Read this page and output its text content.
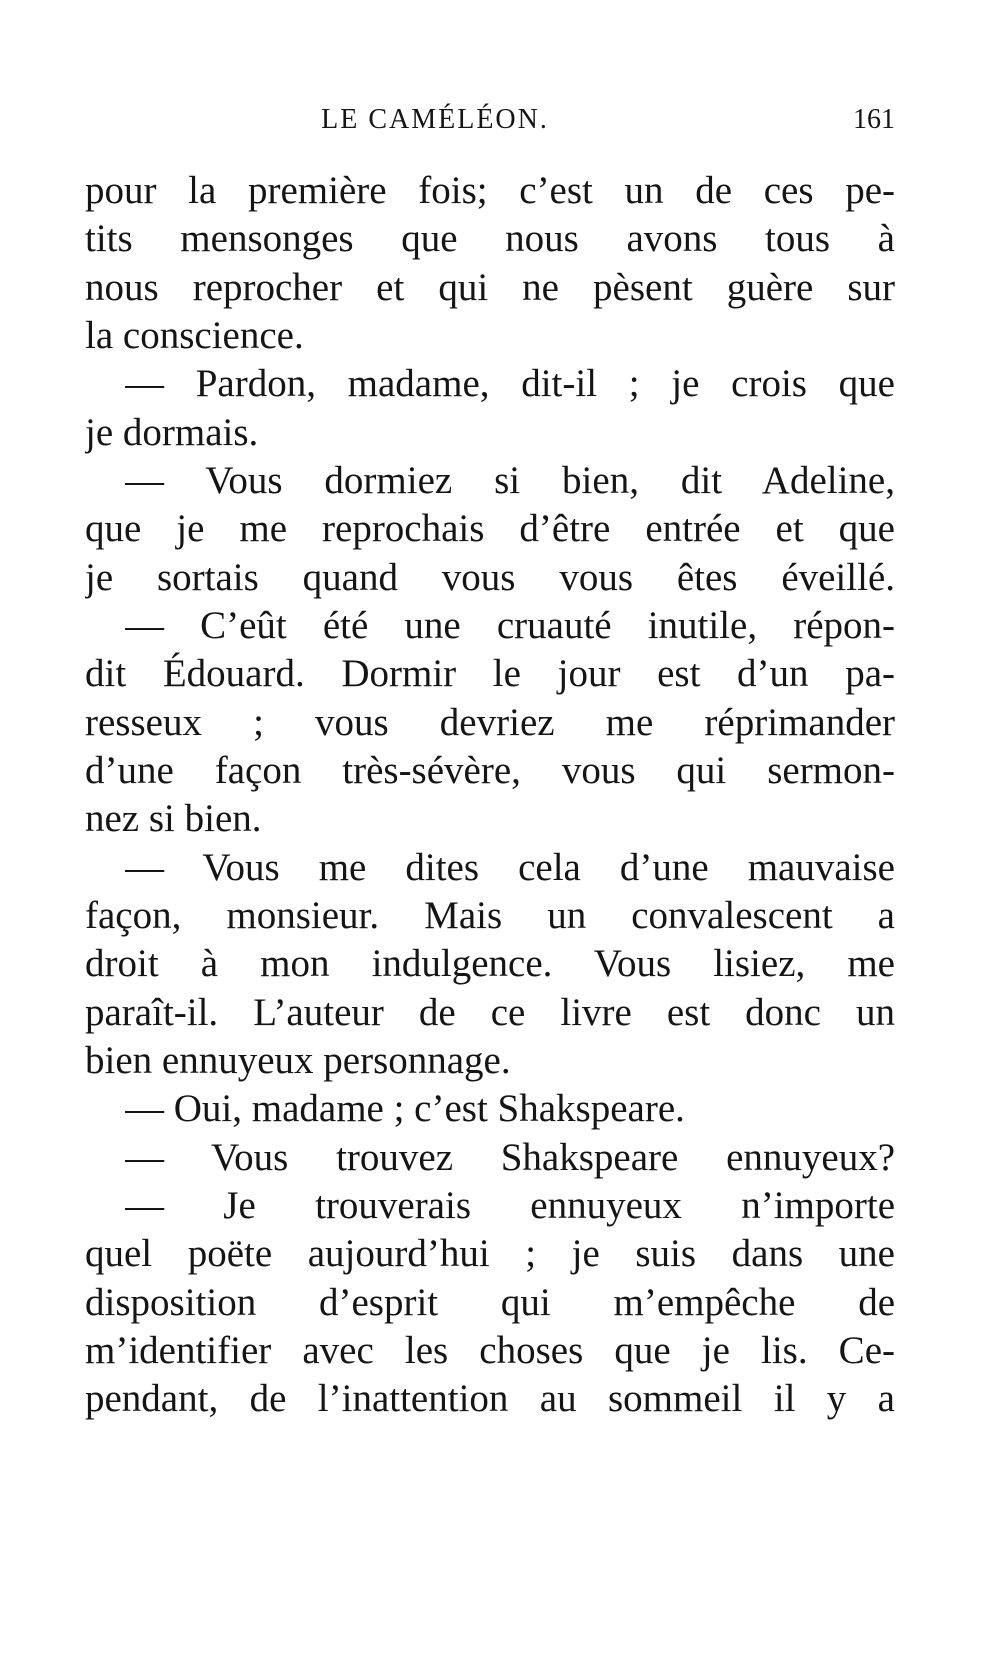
LE CAMÉLÉON.	161
pour la première fois; c’est un de ces pe-
tits mensonges que nous avons tous à
nous reprocher et qui ne pèsent guère sur
la conscience.
— Pardon, madame, dit-il ; je crois que
je dormais.
— Vous dormiez si bien, dit Adeline,
que je me reprochais d’être entrée et que
je sortais quand vous vous êtes éveillé.
— C’eût été une cruauté inutile, répon-
dit Édouard. Dormir le jour est d’un pa-
resseux ; vous devriez me réprimander
d’une façon très-sévère, vous qui sermon-
nez si bien.
— Vous me dites cela d’une mauvaise
façon, monsieur. Mais un convalescent a
droit à mon indulgence. Vous lisiez, me
paraît-il. L’auteur de ce livre est donc un
bien ennuyeux personnage.
— Oui, madame ; c’est Shakspeare.
— Vous trouvez Shakspeare ennuyeux?
— Je trouverais ennuyeux n’importe
quel poëte aujourd’hui ; je suis dans une
disposition d’esprit qui m’empêche de
m’identifier avec les choses que je lis. Ce-
pendant, de l’inattention au sommeil il y a
